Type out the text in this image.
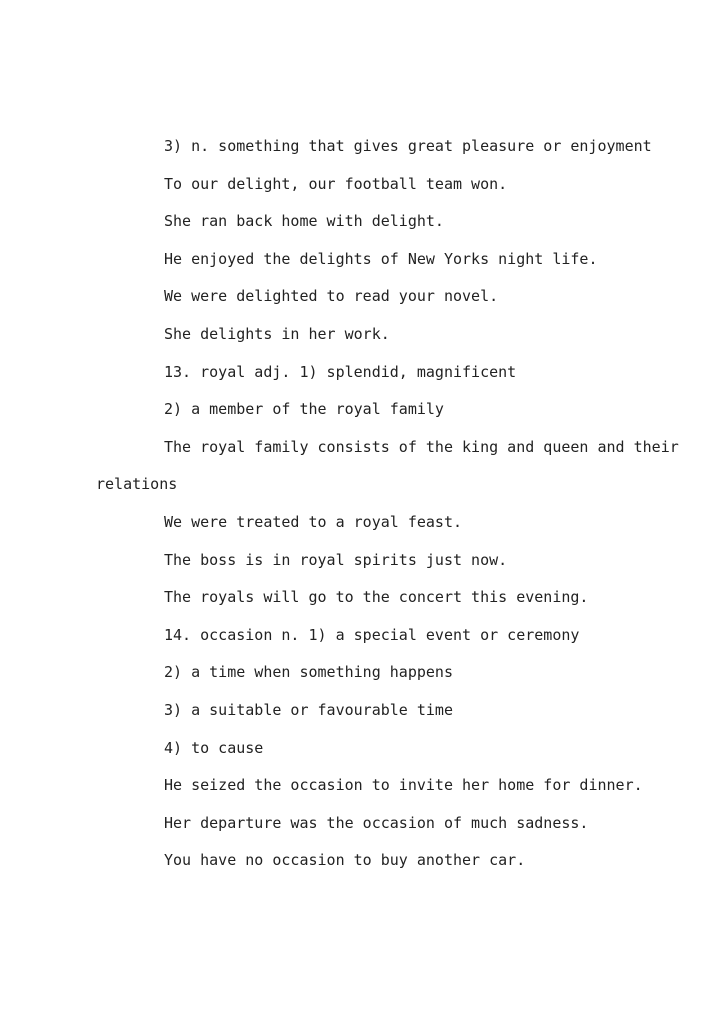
3) n. something that gives great pleasure or enjoyment
To our delight, our football team won.
She ran back home with delight.
He enjoyed the delights of New Yorks night life.
We were delighted to read your novel.
She delights in her work.
13. royal adj. 1) splendid, magnificent
2) a member of the royal family
The royal family consists of the king and queen and their
relations
We were treated to a royal feast.
The boss is in royal spirits just now.
The royals will go to the concert this evening.
14. occasion n. 1) a special event or ceremony
2) a time when something happens
3) a suitable or favourable time
4) to cause
He seized the occasion to invite her home for dinner.
Her departure was the occasion of much sadness.
You have no occasion to buy another car.
